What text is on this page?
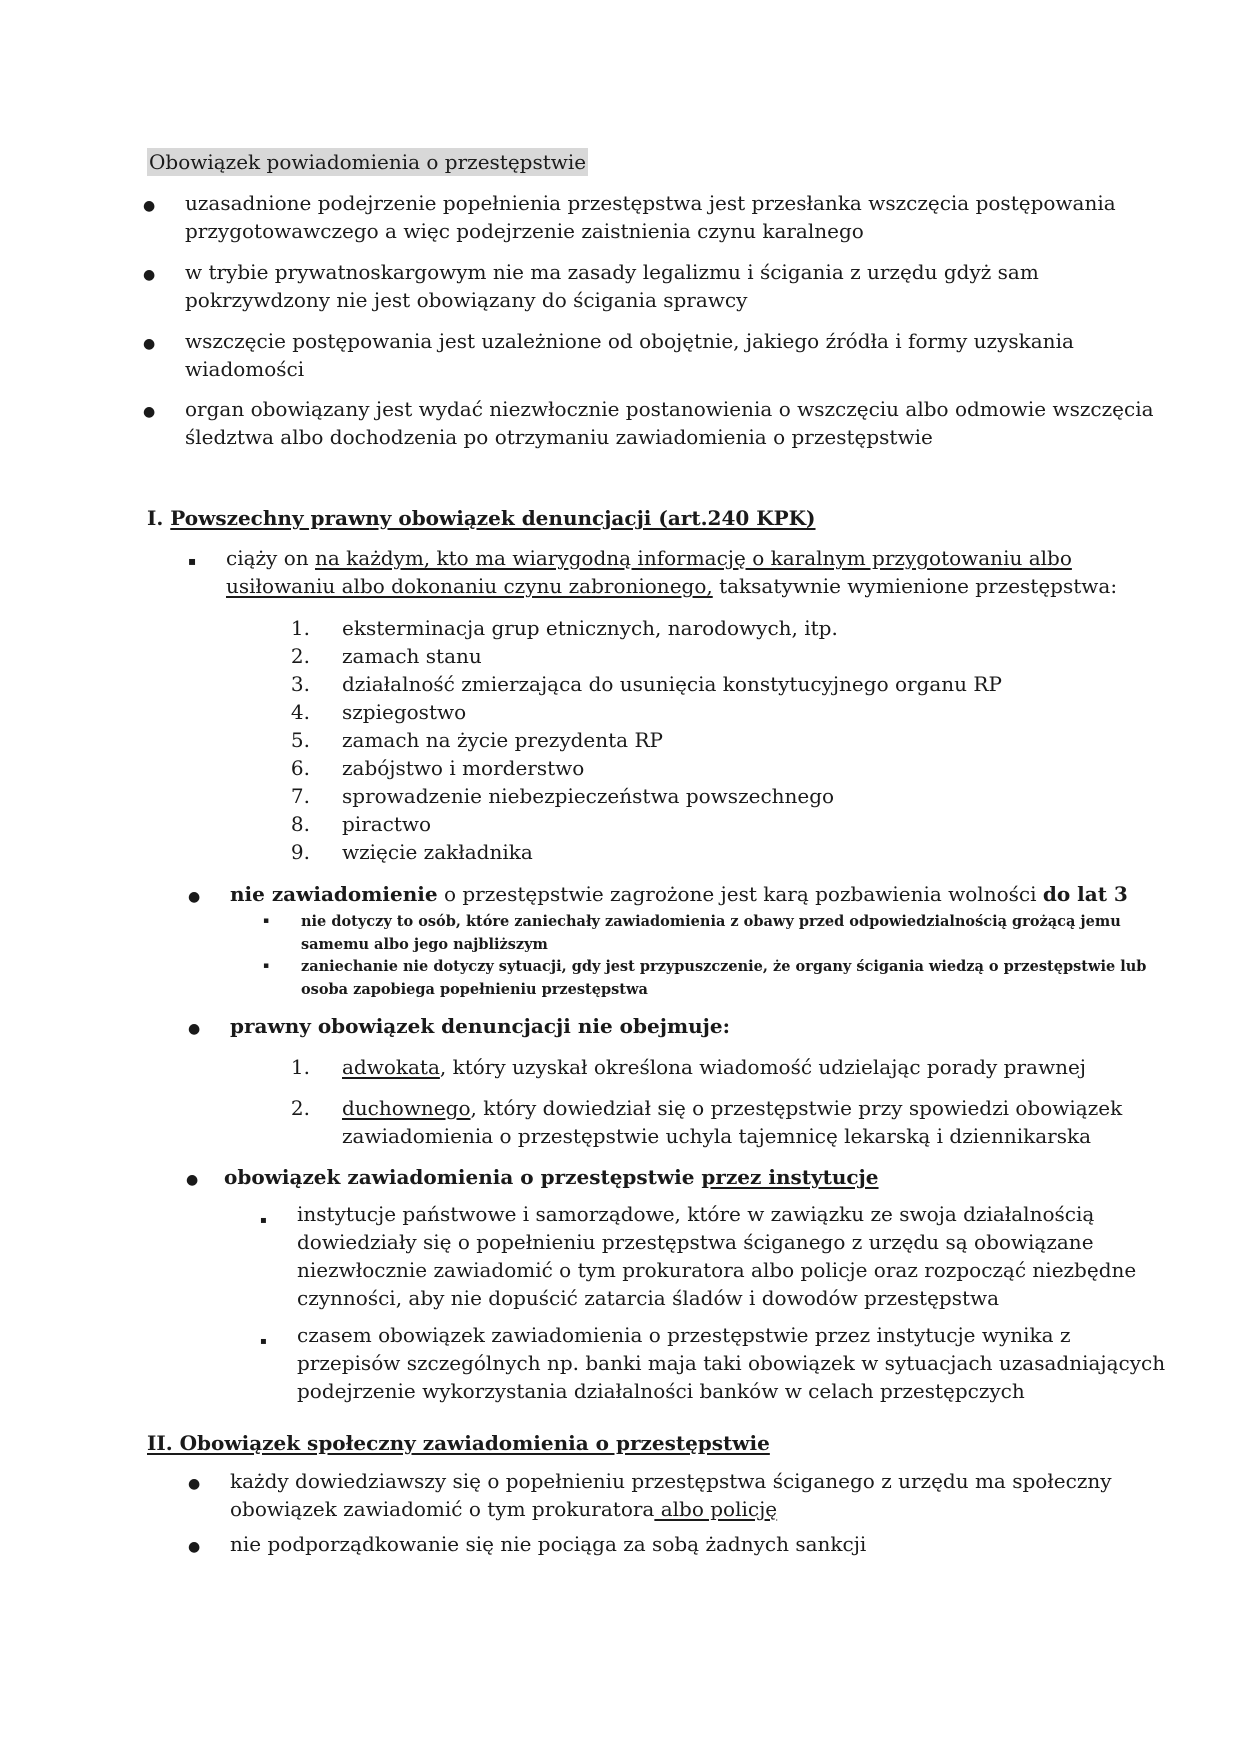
Obowiązek powiadomienia o przestępstwie
● uzasadnione podejrzenie popełnienia przestępstwa jest przesłanka wszczęcia postępowania
przygotowawczego a więc podejrzenie zaistnienia czynu karalnego
● w trybie prywatnoskargowym nie ma zasady legalizmu i ścigania z urzędu gdyż sam
pokrzywdzony nie jest obowiązany do ścigania sprawcy
● wszczęcie postępowania jest uzależnione od obojętnie, jakiego źródła i formy uzyskania
wiadomości
● organ obowiązany jest wydać niezwłocznie postanowienia o wszczęciu albo odmowie wszczęcia
śledztwa albo dochodzenia po otrzymaniu zawiadomienia o przestępstwie
I. Powszechny prawny obowiązek denuncjacji (art.240 KPK)
▪ ciąży on na każdym, kto ma wiarygodną informację o karalnym przygotowaniu albo
usiłowaniu albo dokonaniu czynu zabronionego, taksatywnie wymienione przestępstwa:
1. eksterminacja grup etnicznych, narodowych, itp.
2. zamach stanu
3. działalność zmierzająca do usunięcia konstytucyjnego organu RP
4. szpiegostwo
5. zamach na życie prezydenta RP
6. zabójstwo i morderstwo
7. sprowadzenie niebezpieczeństwa powszechnego
8. piractwo
9. wzięcie zakładnika
● nie zawiadomienie o przestępstwie zagrożone jest karą pozbawienia wolności do lat 3
▪ nie dotyczy to osób, które zaniechały zawiadomienia z obawy przed odpowiedzialnością grożącą jemu
samemu albo jego najbliższym
▪ zaniechanie nie dotyczy sytuacji, gdy jest przypuszczenie, że organy ścigania wiedzą o przestępstwie lub
osoba zapobiega popełnieniu przestępstwa
● prawny obowiązek denuncjacji nie obejmuje:
1. adwokata, który uzyskał określona wiadomość udzielając porady prawnej
2. duchownego, który dowiedział się o przestępstwie przy spowiedzi obowiązek
zawiadomienia o przestępstwie uchyla tajemnicę lekarską i dziennikarska
● obowiązek zawiadomienia o przestępstwie przez instytucje
▪ instytucje państwowe i samorządowe, które w zawiązku ze swoja działalnością
dowiedziały się o popełnieniu przestępstwa ściganego z urzędu są obowiązane
niezwłocznie zawiadomić o tym prokuratora albo policje oraz rozpocząć niezbędne
czynności, aby nie dopuścić zatarcia śladów i dowodów przestępstwa
▪ czasem obowiązek zawiadomienia o przestępstwie przez instytucje wynika z
przepisów szczególnych np. banki maja taki obowiązek w sytuacjach uzasadniających
podejrzenie wykorzystania działalności banków w celach przestępczych
II. Obowiązek społeczny zawiadomienia o przestępstwie
● każdy dowiedziawszy się o popełnieniu przestępstwa ściganego z urzędu ma społeczny
obowiązek zawiadomić o tym prokuratora albo policję
● nie podporządkowanie się nie pociąga za sobą żadnych sankcji
